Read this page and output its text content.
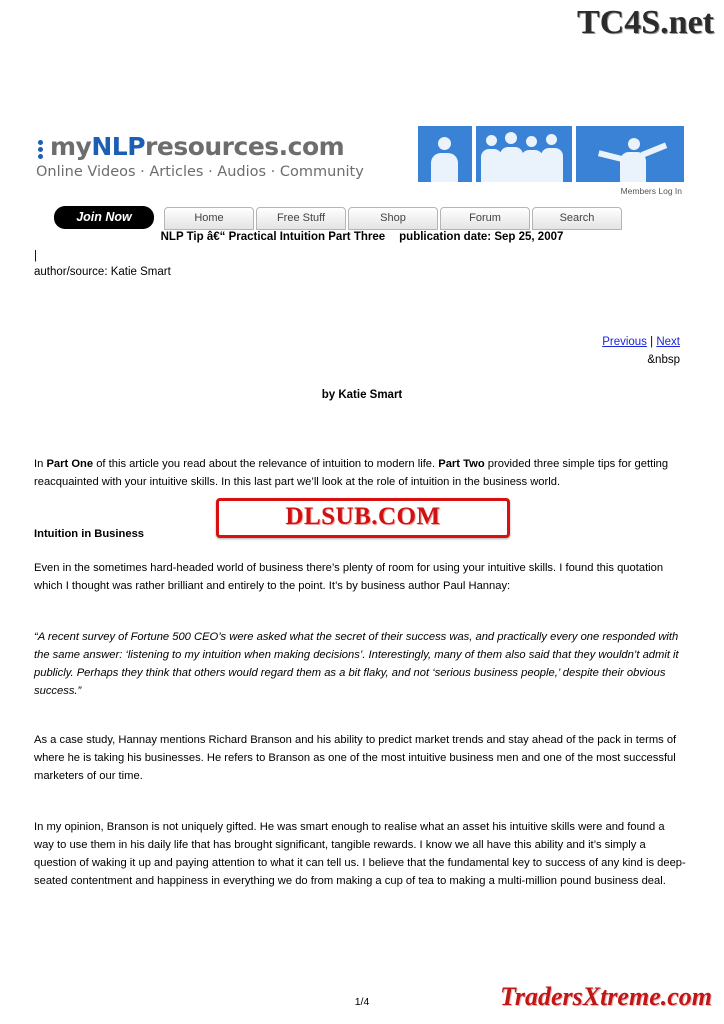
TC4S.net
myNLPresources.com
Online Videos · Articles · Audios · Community
Members Log In
Join Now	Home	Free Stuff	Shop	Forum	Search
NLP Tip â€“ Practical Intuition Part Three publication date: Sep 25, 2007
|
author/source: Katie Smart
Previous | Next
&nbsp
by Katie Smart
In Part One of this article you read about the relevance of intuition to modern life. Part Two provided three simple tips for getting reacquainted with your intuitive skills. In this last part we’ll look at the role of intuition in the business world.
Intuition in Business
Even in the sometimes hard-headed world of business there’s plenty of room for using your intuitive skills. I found this quotation which I thought was rather brilliant and entirely to the point. It’s by business author Paul Hannay:
DLSUB.COM
“A recent survey of Fortune 500 CEO’s were asked what the secret of their success was, and practically every one responded with the same answer: ‘listening to my intuition when making decisions’. Interestingly, many of them also said that they wouldn’t admit it publicly. Perhaps they think that others would regard them as a bit flaky, and not ‘serious business people,’ despite their obvious success.”
As a case study, Hannay mentions Richard Branson and his ability to predict market trends and stay ahead of the pack in terms of where he is taking his businesses. He refers to Branson as one of the most intuitive business men and one of the most successful marketers of our time.
In my opinion, Branson is not uniquely gifted. He was smart enough to realise what an asset his intuitive skills were and found a way to use them in his daily life that has brought significant, tangible rewards. I know we all have this ability and it’s simply a question of waking it up and paying attention to what it can tell us. I believe that the fundamental key to success of any kind is deep-seated contentment and happiness in everything we do from making a cup of tea to making a multi-million pound business deal.
1/4	TradersXtreme.com
